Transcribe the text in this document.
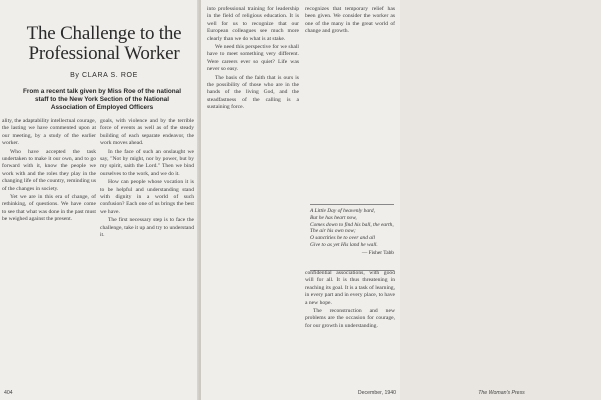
The Challenge to the Professional Worker
By CLARA S. ROE
From a recent talk given by Miss Roe of the national staff to the New York Section of the National Association of Employed Officers

ality, the adaptability intellectual courage, the lasting we have commented upon at our meeting, by a study of the earlier worker.

Who have accepted the task undertaken to make it our own, and to go forward with it, know the people we work with and the roles they play in the changing life of the country, reminding us of the changes in society.

Yet we are in this era of change, of rethinking, of questions. We have come to see that what was done in the past must be weighed against the present.

goals, with violence and by the terrible force of events as well as of the steady building of each separate endeavor, the work moves ahead.

In the face of such an onslaught we say, "Not by might, nor by power, but by my spirit, saith the Lord." Then we bind ourselves to the work, and we do it.

How can people whose vocation it is to be helpful and understanding stand with dignity in a world of such confusion? Each one of us brings the best we have.

The first necessary step is to face the challenge, take it up and try to understand it.

404

into professional training for leadership in the field of religious education. It is well for us to recognize that our European colleagues see much more clearly than we do what is at stake.

We need this perspective for we shall have to meet something very different. Were careers ever so quiet? Life was never so easy.

The basis of the faith that is ours is the possibility of those who are in the hands of the living God, and the steadfastness of the calling is a sustaining force.

recognizes that temporary relief has been given. We consider the worker as one of the many in the great world of change and growth.

A Little Day of heavenly bard,
But he has heart now,
Comes down to find his ball, the earth,
The air his own now;
O sanctities he to over and all
Give to as yet His land he wall.
— Fisher Tabb

confidential associations, with good will for all. It is thus threatening in reaching its goal. It is a task of learning, in every part and in every place, to have a new hope.

The reconstruction and new problems are the occasion for courage, for our growth in understanding.

The Woman's Press
December, 1940
